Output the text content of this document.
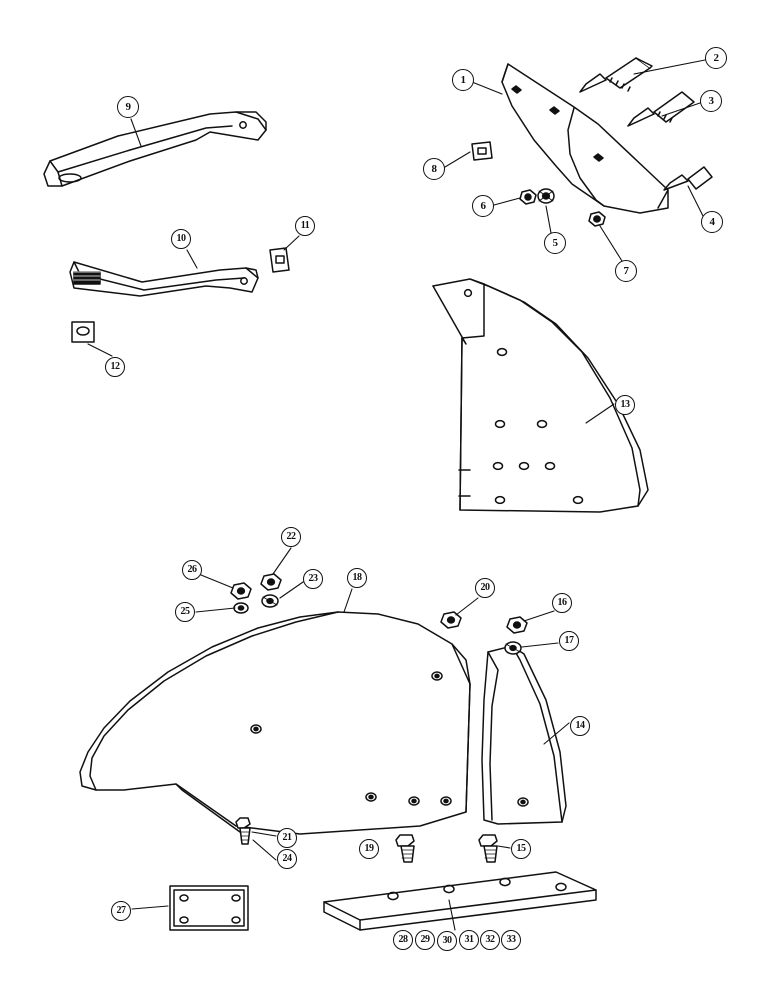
1
2
3
4
5
6
7
8
9
10
11
12
13
14
15
16
17
18
19
20
21
22
23
24
25
26
27
28	29	30	31	32	33
